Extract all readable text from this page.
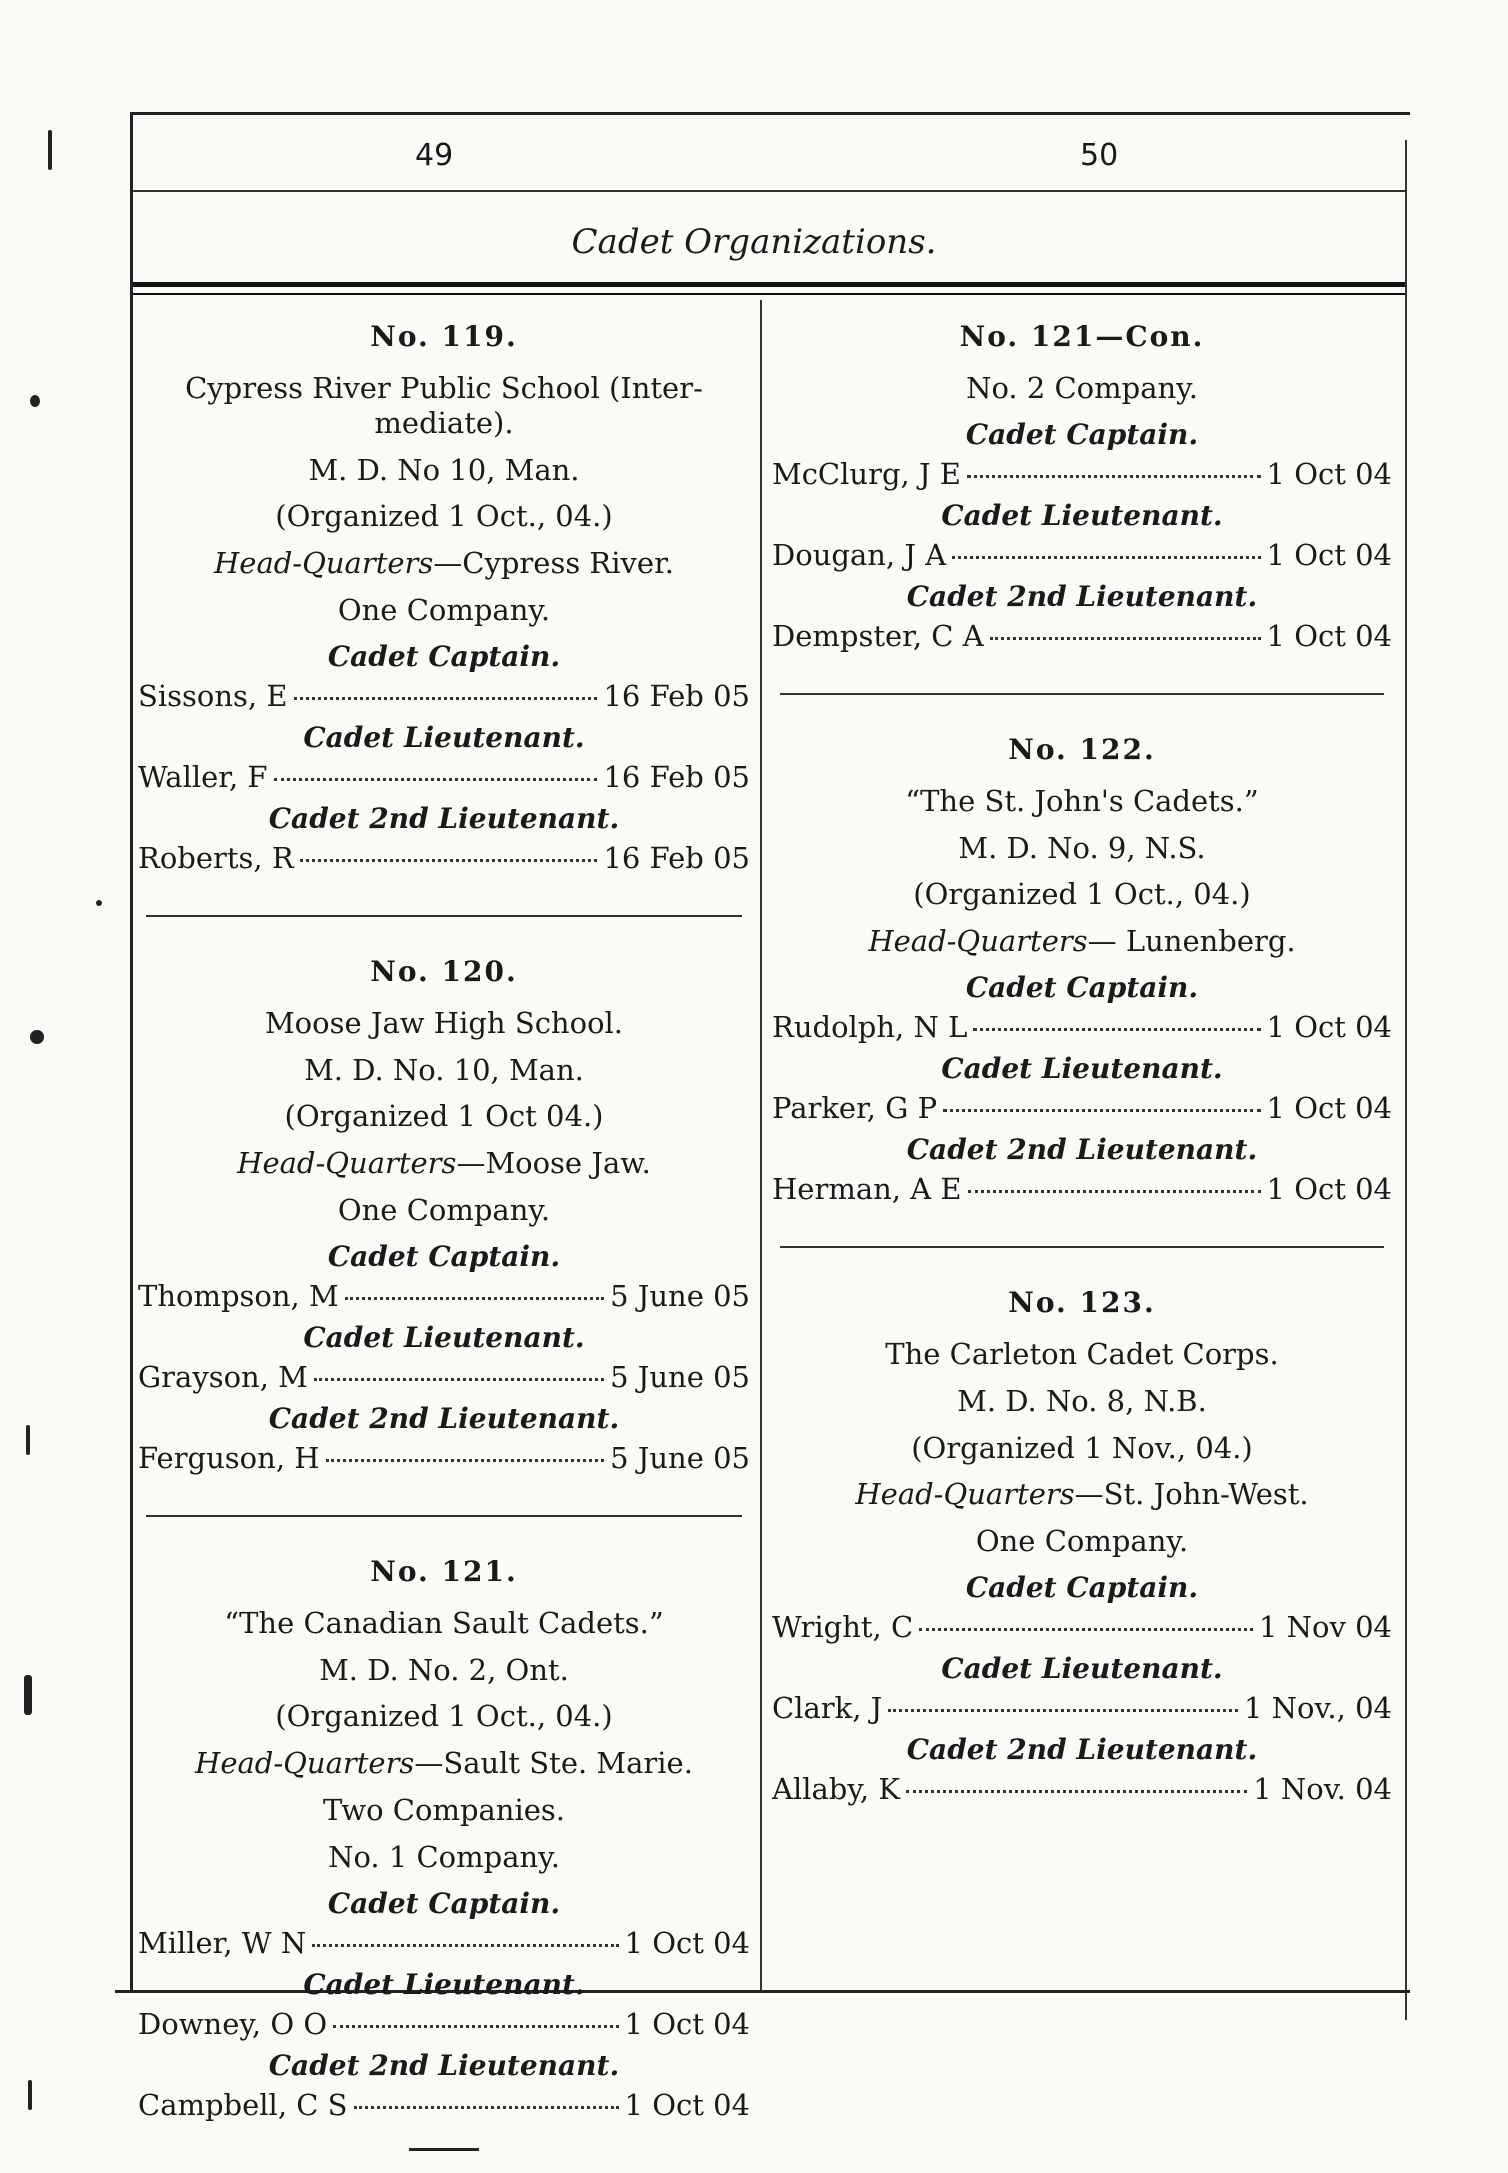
49	50
Cadet Organizations.
No. 119.
Cypress River Public School (Inter-mediate).
M. D. No 10, Man.
(Organized 1 Oct., 04.)
Head-Quarters—Cypress River.
One Company.
Cadet Captain.
Sissons, E	16 Feb 05
Cadet Lieutenant.
Waller, F	16 Feb 05
Cadet 2nd Lieutenant.
Roberts, R	16 Feb 05
No. 120.
Moose Jaw High School.
M. D. No. 10, Man.
(Organized 1 Oct 04.)
Head-Quarters—Moose Jaw.
One Company.
Cadet Captain.
Thompson, M	5 June 05
Cadet Lieutenant.
Grayson, M	5 June 05
Cadet 2nd Lieutenant.
Ferguson, H	5 June 05
No. 121.
“The Canadian Sault Cadets.”
M. D. No. 2, Ont.
(Organized 1 Oct., 04.)
Head-Quarters—Sault Ste. Marie.
Two Companies.
No. 1 Company.
Cadet Captain.
Miller, W N	1 Oct 04
Cadet Lieutenant.
Downey, O O	1 Oct 04
Cadet 2nd Lieutenant.
Campbell, C S	1 Oct 04
No. 121—Con.
No. 2 Company.
Cadet Captain.
McClurg, J E	1 Oct 04
Cadet Lieutenant.
Dougan, J A	1 Oct 04
Cadet 2nd Lieutenant.
Dempster, C A	1 Oct 04
No. 122.
“The St. John's Cadets.”
M. D. No. 9, N.S.
(Organized 1 Oct., 04.)
Head-Quarters— Lunenberg.
Cadet Captain.
Rudolph, N L	1 Oct 04
Cadet Lieutenant.
Parker, G P	1 Oct 04
Cadet 2nd Lieutenant.
Herman, A E	1 Oct 04
No. 123.
The Carleton Cadet Corps.
M. D. No. 8, N.B.
(Organized 1 Nov., 04.)
Head-Quarters—St. John-West.
One Company.
Cadet Captain.
Wright, C	1 Nov 04
Cadet Lieutenant.
Clark, J	1 Nov., 04
Cadet 2nd Lieutenant.
Allaby, K	1 Nov. 04
